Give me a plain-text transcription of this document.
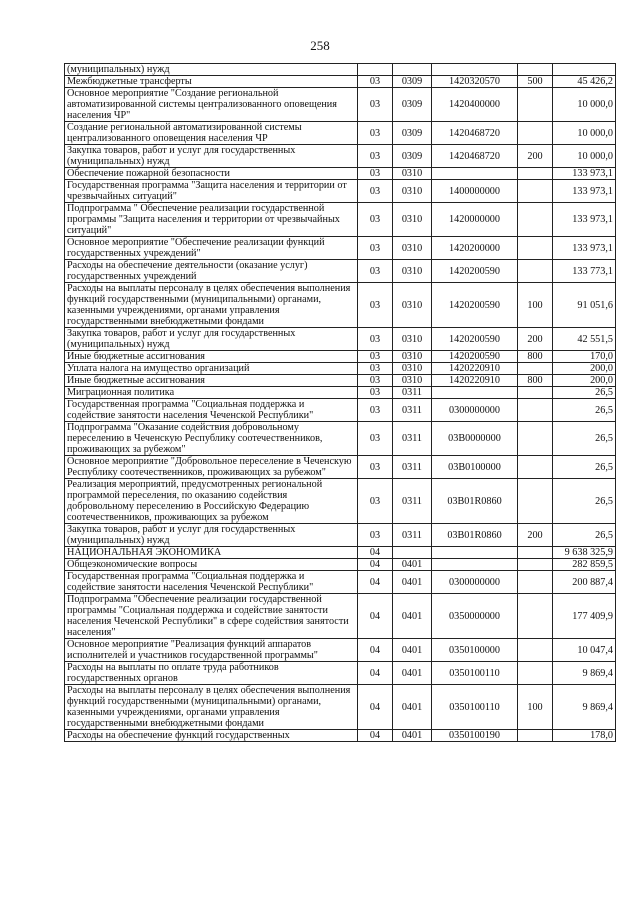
258
(муниципальных) нужд					
Межбюджетные трансферты	03	0309	1420320570	500	45 426,2
Основное мероприятие "Создание региональной автоматизированной системы централизованного оповещения населения ЧР"	03	0309	1420400000		10 000,0
Создание региональной автоматизированной системы централизованного оповещения населения ЧР	03	0309	1420468720		10 000,0
Закупка товаров, работ и услуг для государственных (муниципальных) нужд	03	0309	1420468720	200	10 000,0
Обеспечение пожарной безопасности	03	0310			133 973,1
Государственная программа "Защита населения и территории от чрезвычайных ситуаций"	03	0310	1400000000		133 973,1
Подпрограмма " Обеспечение реализации государственной программы "Защита населения и территории от чрезвычайных ситуаций"	03	0310	1420000000		133 973,1
Основное мероприятие "Обеспечение реализации функций государственных учреждений"	03	0310	1420200000		133 973,1
Расходы на обеспечение деятельности (оказание услуг) государственных учреждений	03	0310	1420200590		133 773,1
Расходы на выплаты персоналу в целях обеспечения выполнения функций государственными (муниципальными) органами, казенными учреждениями, органами управления государственными внебюджетными фондами	03	0310	1420200590	100	91 051,6
Закупка товаров, работ и услуг для государственных (муниципальных) нужд	03	0310	1420200590	200	42 551,5
Иные бюджетные ассигнования	03	0310	1420200590	800	170,0
Уплата налога на имущество организаций	03	0310	1420220910		200,0
Иные бюджетные ассигнования	03	0310	1420220910	800	200,0
Миграционная политика	03	0311			26,5
Государственная программа "Социальная поддержка и содействие занятости населения Чеченской Республики"	03	0311	0300000000		26,5
Подпрограмма "Оказание содействия добровольному переселению в Чеченскую Республику соотечественников, проживающих за рубежом"	03	0311	03B0000000		26,5
Основное мероприятие "Добровольное переселение в Чеченскую Республику соотечественников, проживающих за рубежом"	03	0311	03B0100000		26,5
Реализация мероприятий, предусмотренных региональной программой переселения, по оказанию содействия добровольному переселению в Российскую Федерацию соотечественников, проживающих за рубежом	03	0311	03B01R0860		26,5
Закупка товаров, работ и услуг для государственных (муниципальных) нужд	03	0311	03B01R0860	200	26,5
НАЦИОНАЛЬНАЯ ЭКОНОМИКА	04				9 638 325,9
Общеэкономические вопросы	04	0401			282 859,5
Государственная программа "Социальная поддержка и содействие занятости населения Чеченской Республики"	04	0401	0300000000		200 887,4
Подпрограмма "Обеспечение реализации государственной программы "Социальная поддержка и содействие занятости населения Чеченской Республики" в сфере содействия занятости населения"	04	0401	0350000000		177 409,9
Основное мероприятие "Реализация функций аппаратов исполнителей и участников государственной программы"	04	0401	0350100000		10 047,4
Расходы на выплаты по оплате труда работников государственных органов	04	0401	0350100110		9 869,4
Расходы на выплаты персоналу в целях обеспечения выполнения функций государственными (муниципальными) органами, казенными учреждениями, органами управления государственными внебюджетными фондами	04	0401	0350100110	100	9 869,4
Расходы на обеспечение функций государственных	04	0401	0350100190		178,0
